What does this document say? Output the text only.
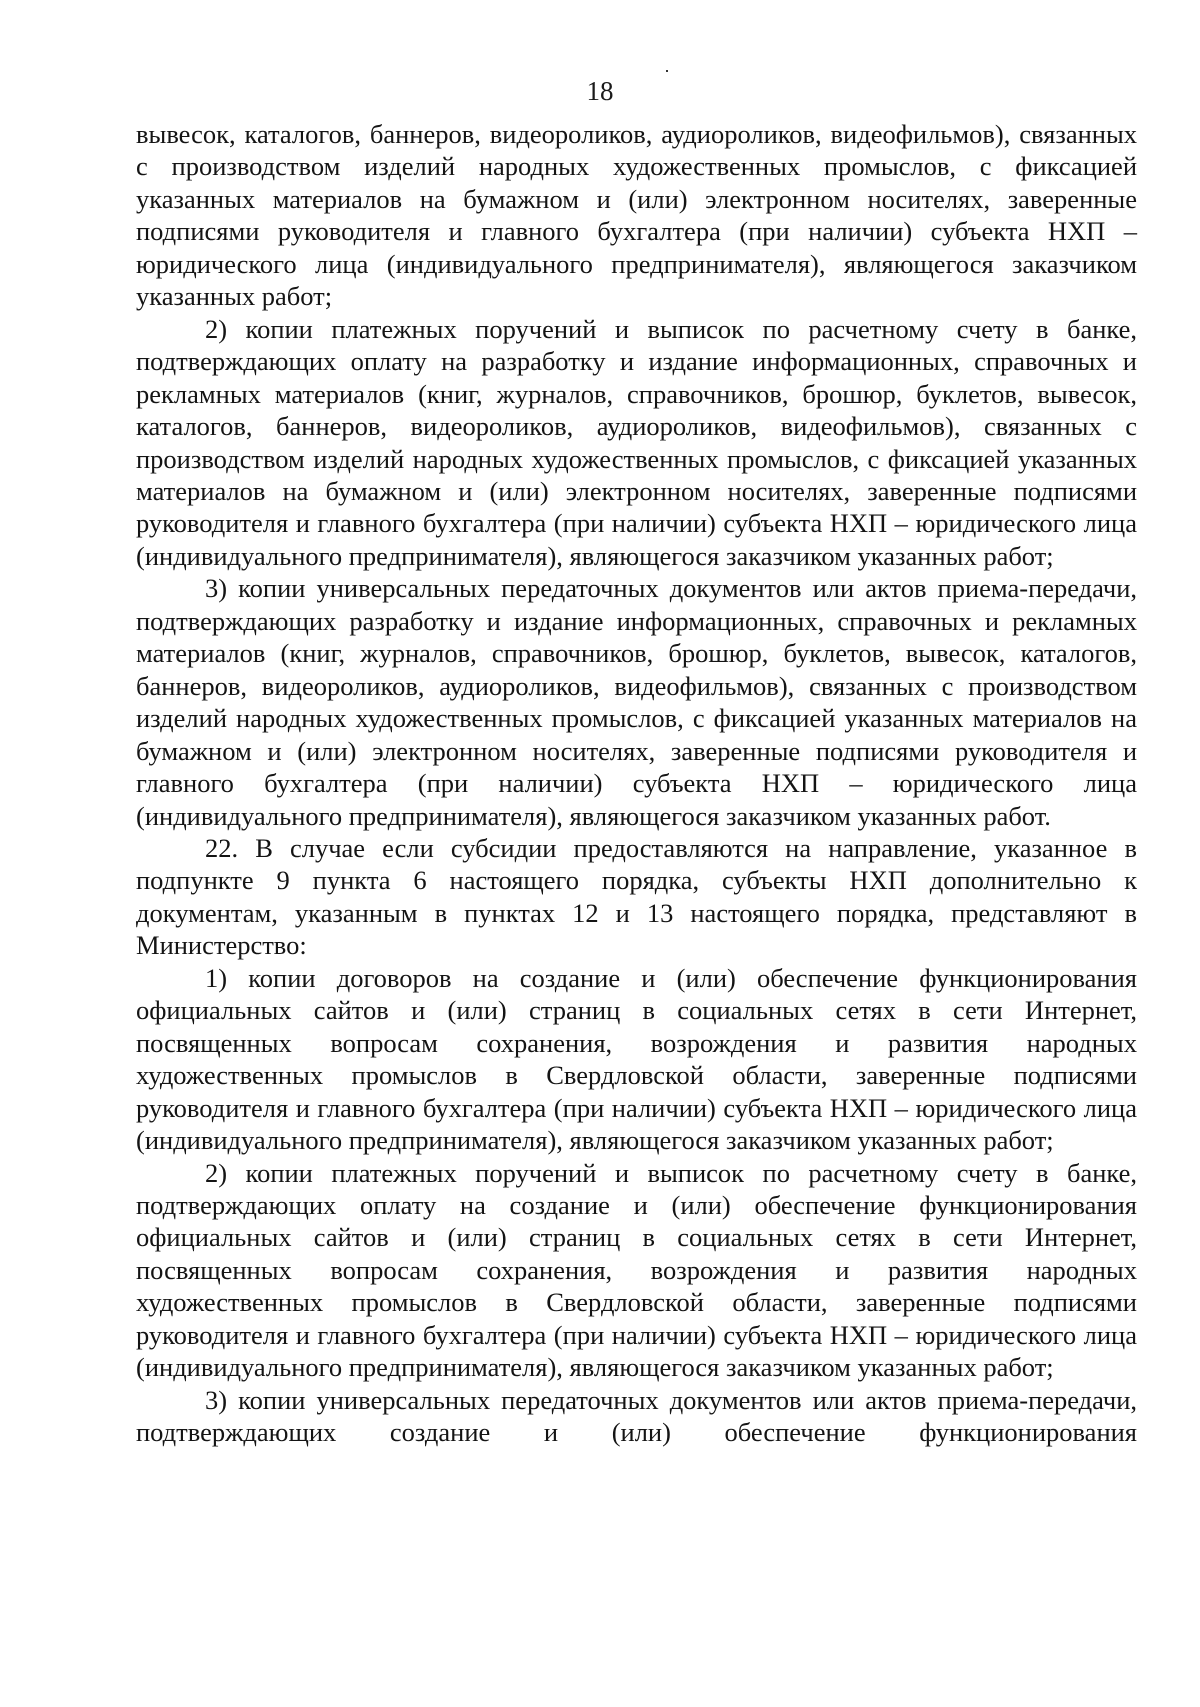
18

вывесок, каталогов, баннеров, видеороликов, аудиороликов, видеофильмов), связанных с производством изделий народных художественных промыслов, с фиксацией указанных материалов на бумажном и (или) электронном носителях, заверенные подписями руководителя и главного бухгалтера (при наличии) субъекта НХП – юридического лица (индивидуального предпринимателя), являющегося заказчиком указанных работ;

2) копии платежных поручений и выписок по расчетному счету в банке, подтверждающих оплату на разработку и издание информационных, справочных и рекламных материалов (книг, журналов, справочников, брошюр, буклетов, вывесок, каталогов, баннеров, видеороликов, аудиороликов, видеофильмов), связанных с производством изделий народных художественных промыслов, с фиксацией указанных материалов на бумажном и (или) электронном носителях, заверенные подписями руководителя и главного бухгалтера (при наличии) субъекта НХП – юридического лица (индивидуального предпринимателя), являющегося заказчиком указанных работ;

3) копии универсальных передаточных документов или актов приема-передачи, подтверждающих разработку и издание информационных, справочных и рекламных материалов (книг, журналов, справочников, брошюр, буклетов, вывесок, каталогов, баннеров, видеороликов, аудиороликов, видеофильмов), связанных с производством изделий народных художественных промыслов, с фиксацией указанных материалов на бумажном и (или) электронном носителях, заверенные подписями руководителя и главного бухгалтера (при наличии) субъекта НХП – юридического лица (индивидуального предпринимателя), являющегося заказчиком указанных работ.

22. В случае если субсидии предоставляются на направление, указанное в подпункте 9 пункта 6 настоящего порядка, субъекты НХП дополнительно к документам, указанным в пунктах 12 и 13 настоящего порядка, представляют в Министерство:

1) копии договоров на создание и (или) обеспечение функционирования официальных сайтов и (или) страниц в социальных сетях в сети Интернет, посвященных вопросам сохранения, возрождения и развития народных художественных промыслов в Свердловской области, заверенные подписями руководителя и главного бухгалтера (при наличии) субъекта НХП – юридического лица (индивидуального предпринимателя), являющегося заказчиком указанных работ;

2) копии платежных поручений и выписок по расчетному счету в банке, подтверждающих оплату на создание и (или) обеспечение функционирования официальных сайтов и (или) страниц в социальных сетях в сети Интернет, посвященных вопросам сохранения, возрождения и развития народных художественных промыслов в Свердловской области, заверенные подписями руководителя и главного бухгалтера (при наличии) субъекта НХП – юридического лица (индивидуального предпринимателя), являющегося заказчиком указанных работ;

3) копии универсальных передаточных документов или актов приема-передачи, подтверждающих создание и (или) обеспечение функционирования
